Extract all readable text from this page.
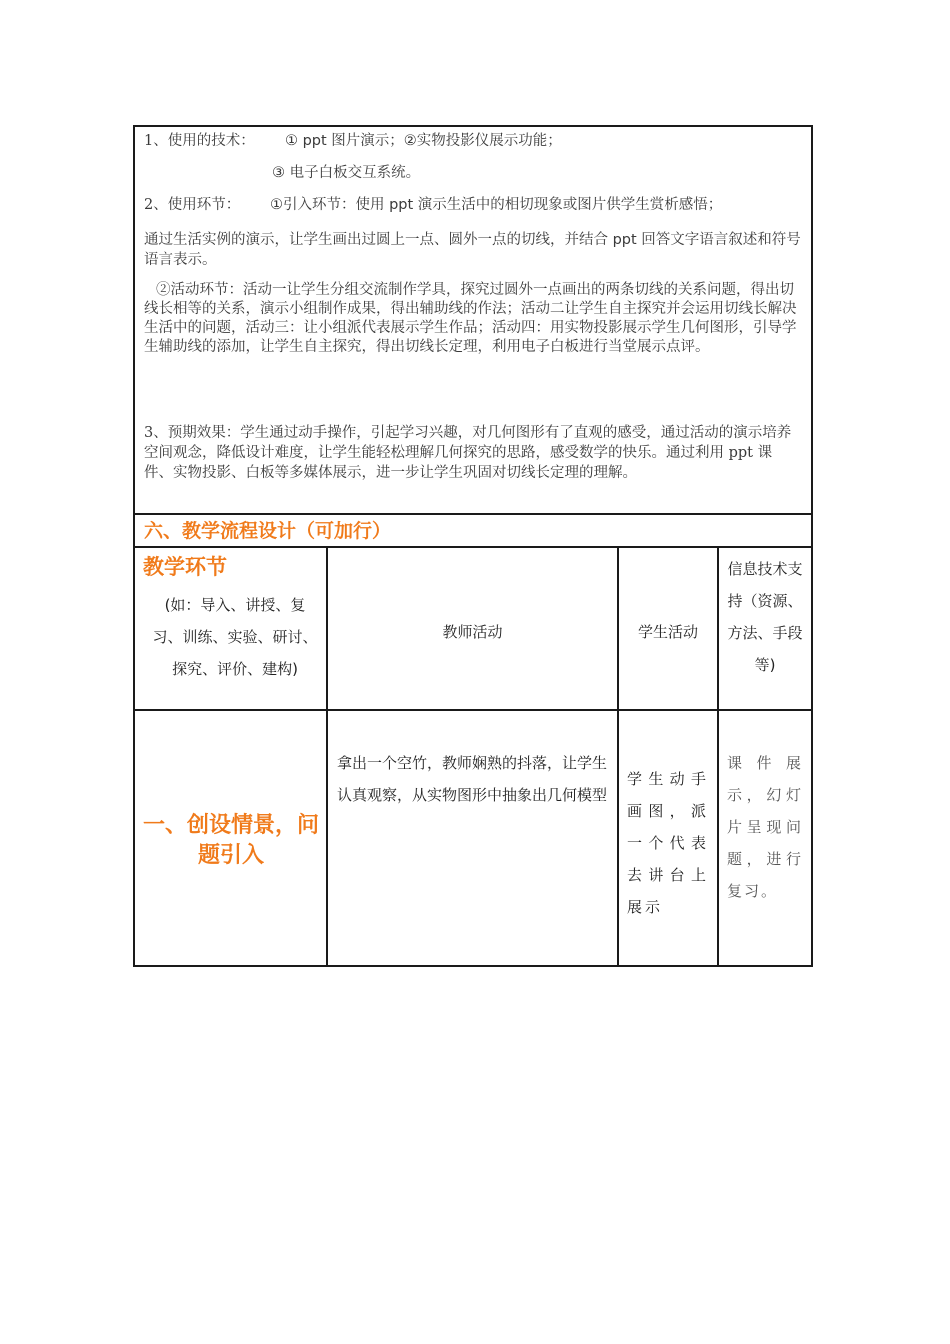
1、使用的技术： ① ppt 图片演示；②实物投影仪展示功能；
③ 电子白板交互系统。
2、使用环节： ①引入环节：使用 ppt 演示生活中的相切现象或图片供学生赏析感悟；
通过生活实例的演示，让学生画出过圆上一点、圆外一点的切线，并结合 ppt 回答文字语言叙述和符号语言表示。
②活动环节：活动一让学生分组交流制作学具，探究过圆外一点画出的两条切线的关系问题，得出切线长相等的关系，演示小组制作成果，得出辅助线的作法；活动二让学生自主探究并会运用切线长解决生活中的问题，活动三：让小组派代表展示学生作品；活动四：用实物投影展示学生几何图形，引导学生辅助线的添加，让学生自主探究，得出切线长定理，利用电子白板进行当堂展示点评。
3、预期效果：学生通过动手操作，引起学习兴趣，对几何图形有了直观的感受，通过活动的演示培养空间观念，降低设计难度，让学生能轻松理解几何探究的思路，感受数学的快乐。通过利用 ppt 课件、实物投影、白板等多媒体展示，进一步让学生巩固对切线长定理的理解。
六、教学流程设计（可加行）
教学环节
(如：导入、讲授、复习、训练、实验、研讨、探究、评价、建构)
教师活动	学生活动
信息技术支持（资源、方法、手段等)
一、创设情景，问题引入
拿出一个空竹，教师娴熟的抖落，让学生认真观察，从实物图形中抽象出几何模型
学生动手画图，派一个代表去讲台上展示
课件展示，幻灯片呈现问题，进行复习。
